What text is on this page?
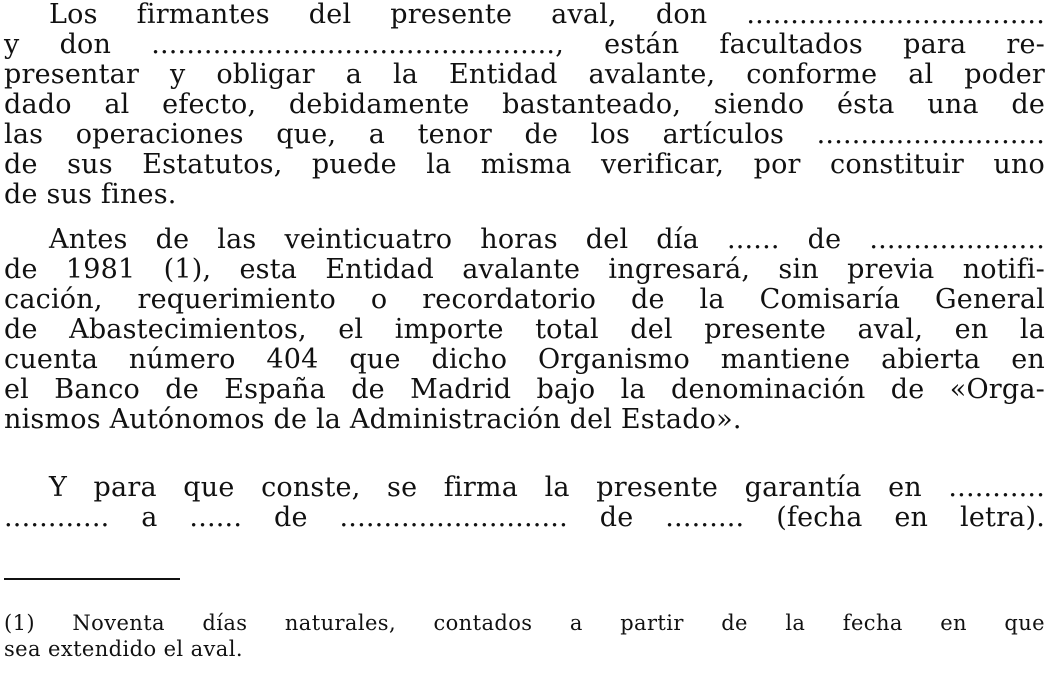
Los firmantes del presente aval, don ..................................
y don .............................................., están facultados para re-
presentar y obligar a la Entidad avalante, conforme al poder
dado al efecto, debidamente bastanteado, siendo ésta una de
las operaciones que, a tenor de los artículos ..........................
de sus Estatutos, puede la misma verificar, por constituir uno
de sus fines.
Antes de las veinticuatro horas del día ...... de ....................
de 1981 (1), esta Entidad avalante ingresará, sin previa notifi-
cación, requerimiento o recordatorio de la Comisaría General
de Abastecimientos, el importe total del presente aval, en la
cuenta número 404 que dicho Organismo mantiene abierta en
el Banco de España de Madrid bajo la denominación de «Orga-
nismos Autónomos de la Administración del Estado».
Y para que conste, se firma la presente garantía en ...........
............ a ...... de .......................... de ......... (fecha en letra).
(1) Noventa días naturales, contados a partir de la fecha en que
sea extendido el aval.
